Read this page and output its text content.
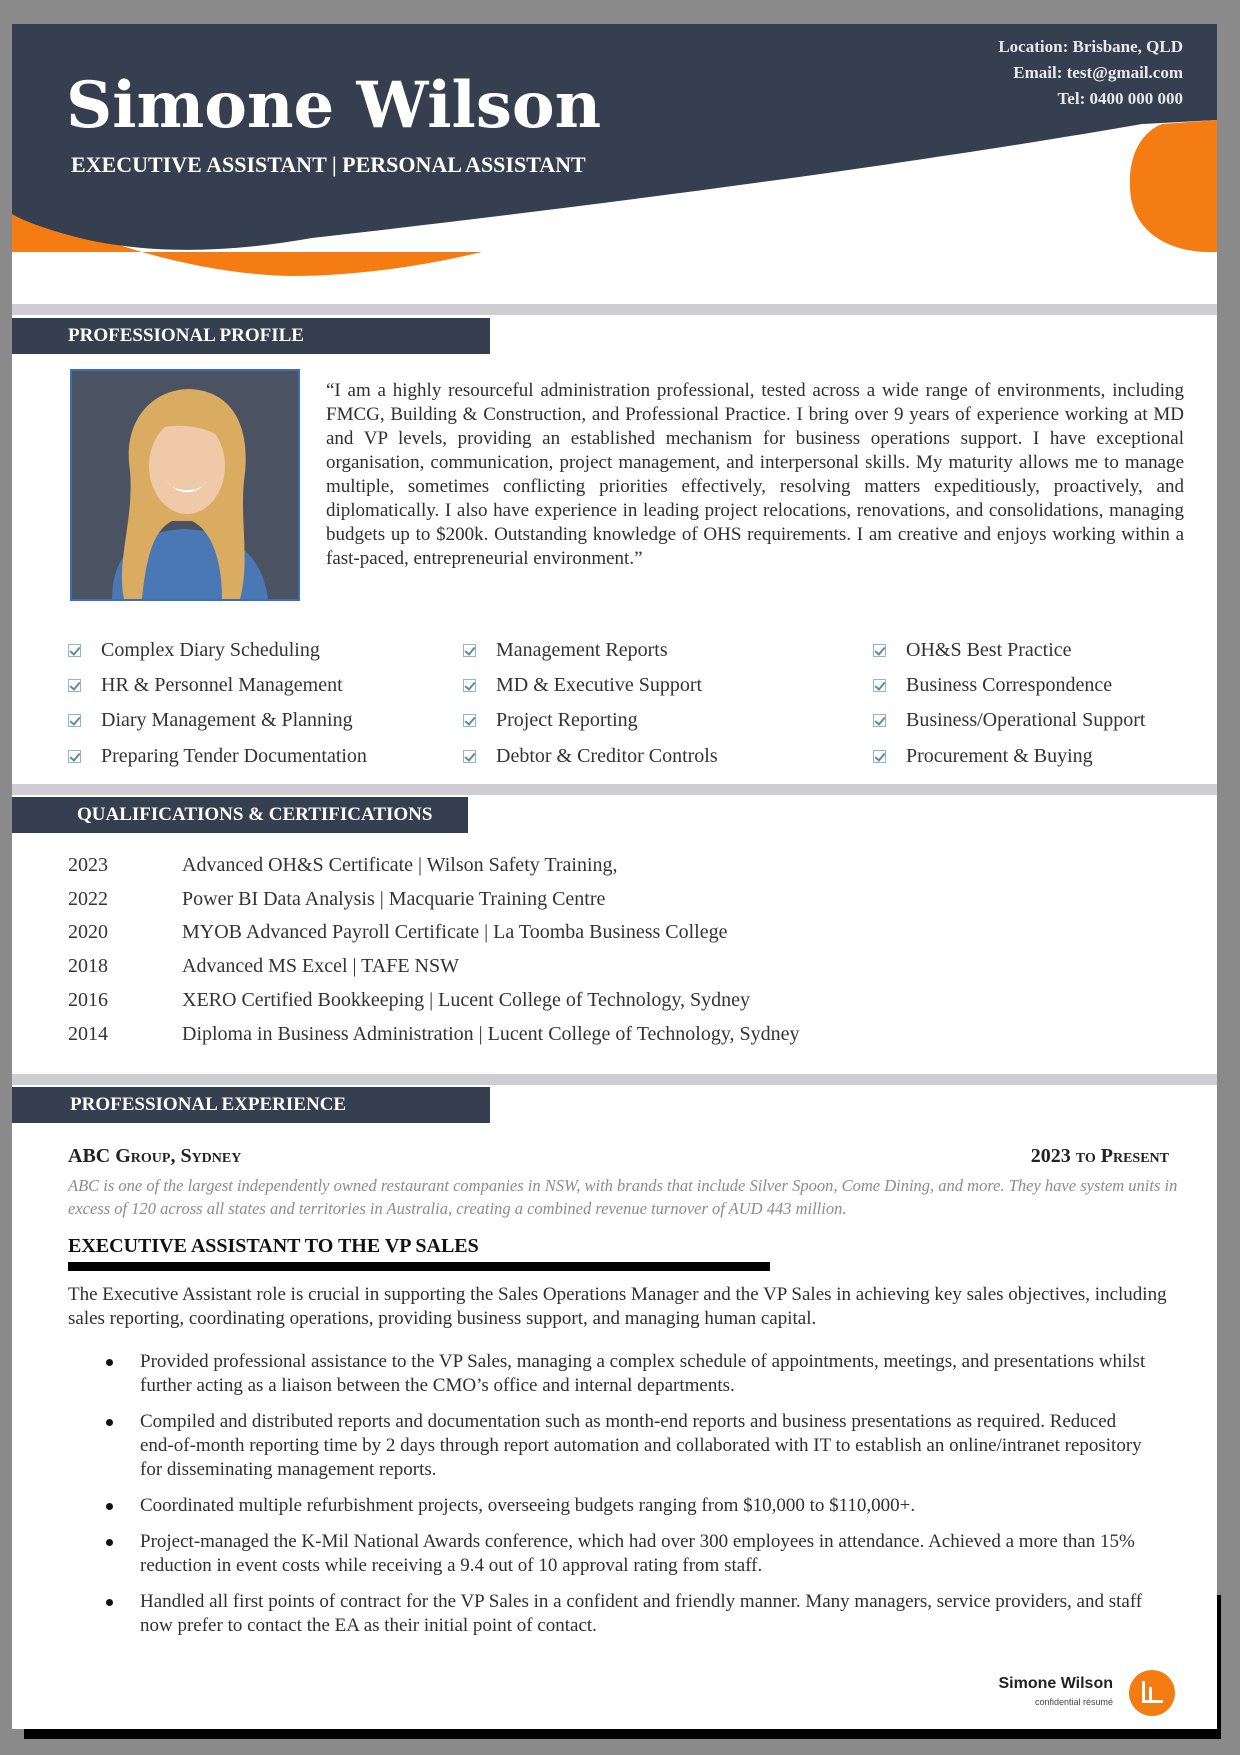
Simone Wilson
EXECUTIVE ASSISTANT | PERSONAL ASSISTANT
Location: Brisbane, QLD
Email: test@gmail.com
Tel: 0400 000 000
PROFESSIONAL PROFILE
“I am a highly resourceful administration professional, tested across a wide range of environments, including FMCG, Building & Construction, and Professional Practice. I bring over 9 years of experience working at MD and VP levels, providing an established mechanism for business operations support. I have exceptional organisation, communication, project management, and interpersonal skills. My maturity allows me to manage multiple, sometimes conflicting priorities effectively, resolving matters expeditiously, proactively, and diplomatically. I also have experience in leading project relocations, renovations, and consolidations, managing budgets up to $200k. Outstanding knowledge of OHS requirements. I am creative and enjoys working within a fast-paced, entrepreneurial environment.”
Complex Diary Scheduling
HR & Personnel Management
Diary Management & Planning
Preparing Tender Documentation
Management Reports
MD & Executive Support
Project Reporting
Debtor & Creditor Controls
OH&S Best Practice
Business Correspondence
Business/Operational Support
Procurement & Buying
QUALIFICATIONS & CERTIFICATIONS
2023	Advanced OH&S Certificate | Wilson Safety Training,
2022	Power BI Data Analysis | Macquarie Training Centre
2020	MYOB Advanced Payroll Certificate | La Toomba Business College
2018	Advanced MS Excel | TAFE NSW
2016	XERO Certified Bookkeeping | Lucent College of Technology, Sydney
2014	Diploma in Business Administration | Lucent College of Technology, Sydney
PROFESSIONAL EXPERIENCE
ABC Group, Sydney	2023 to Present
ABC is one of the largest independently owned restaurant companies in NSW, with brands that include Silver Spoon, Come Dining, and more. They have system units in excess of 120 across all states and territories in Australia, creating a combined revenue turnover of AUD 443 million.
EXECUTIVE ASSISTANT TO THE VP SALES
The Executive Assistant role is crucial in supporting the Sales Operations Manager and the VP Sales in achieving key sales objectives, including sales reporting, coordinating operations, providing business support, and managing human capital.
Provided professional assistance to the VP Sales, managing a complex schedule of appointments, meetings, and presentations whilst further acting as a liaison between the CMO’s office and internal departments.
Compiled and distributed reports and documentation such as month-end reports and business presentations as required. Reduced end-of-month reporting time by 2 days through report automation and collaborated with IT to establish an online/intranet repository for disseminating management reports.
Coordinated multiple refurbishment projects, overseeing budgets ranging from $10,000 to $110,000+.
Project-managed the K-Mil National Awards conference, which had over 300 employees in attendance. Achieved a more than 15% reduction in event costs while receiving a 9.4 out of 10 approval rating from staff.
Handled all first points of contract for the VP Sales in a confident and friendly manner. Many managers, service providers, and staff now prefer to contact the EA as their initial point of contact.
Simone Wilson
confidential résumé
